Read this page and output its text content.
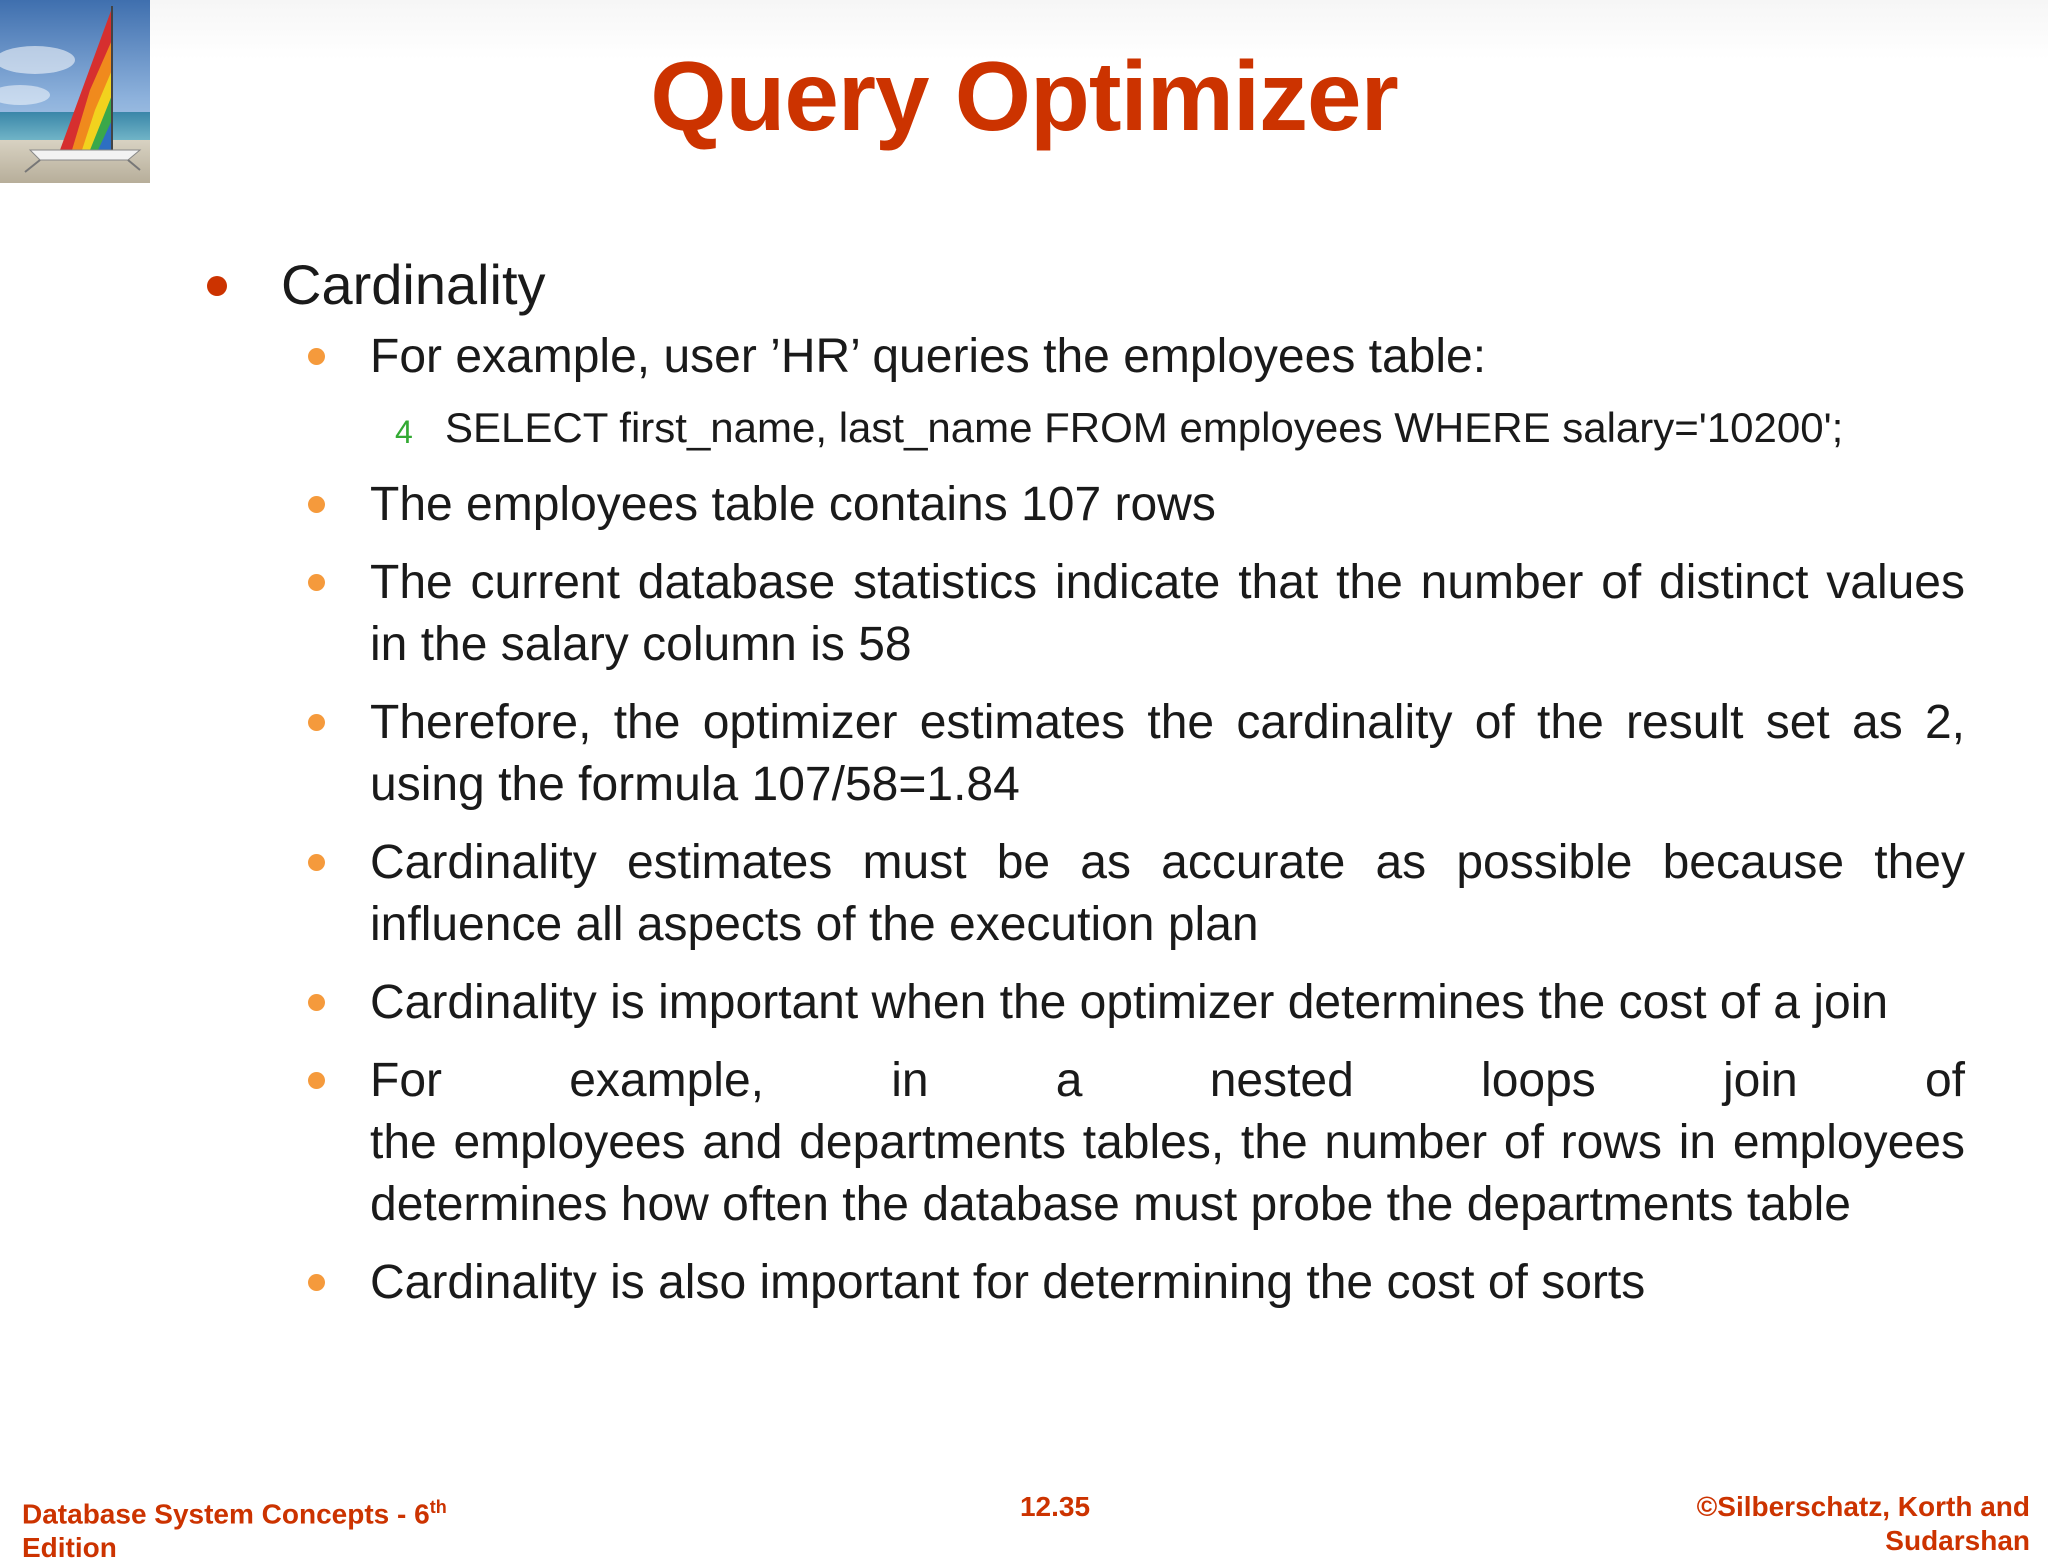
Query Optimizer
Cardinality
For example, user ’HR’ queries the employees table:
4 SELECT first_name, last_name FROM employees WHERE salary='10200';
The employees table contains 107 rows
The current database statistics indicate that the number of distinct values in the salary column is 58
Therefore, the optimizer estimates the cardinality of the result set as 2, using the formula 107/58=1.84
Cardinality estimates must be as accurate as possible because they influence all aspects of the execution plan
Cardinality is important when the optimizer determines the cost of a join
For example, in a nested loops join of
the employees and departments tables, the number of rows in employees determines how often the database must probe the departments table
Cardinality is also important for determining the cost of sorts
Database System Concepts - 6th
Edition
12.35	©Silberschatz, Korth and
Sudarshan
